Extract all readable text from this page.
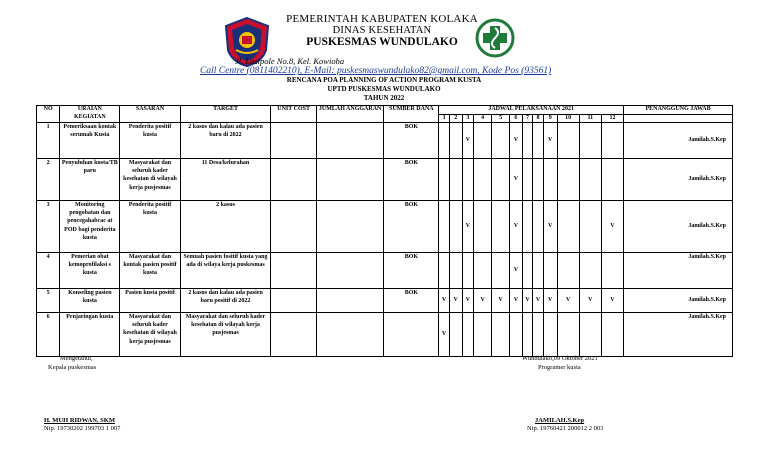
PEMERINTAH KABUPATEN KOLAKA
DINAS KESEHATAN
PUSKESMAS WUNDULAKO
Jl. Lasipole No.8, Kel. Kowioha
Call Centre (0811402210), E-Mail: puskesmaswundulako82@gmail.com, Kode Pos (93561)
RENCANA POA PLANNING OF ACTION PROGRAM KUSTA
UPTD PUSKESMAS WUNDULAKO
TAHUN 2022
NO	URAIAN KEGIATAN	SASARAN	TARGET	UNIT COST	JUMLAH ANGGARAN	SUMBER DANA	JADWAL PELAKSANAAN 2021												PENANGGUNG JAWAB
							1	2	3	4	5	6	7	8	9	10	11	12	
1	Pemeriksaan kontak serumah Kusta	Penderita positif kusta	2 kasus dan kalau ada pasien baru di 2022			BOK			V			V			V				Jamilah.S.Kep
2	Penyuluhan kusta/TB paru	Masyarakat dan seluruh kader kesehatan di wilayah kerja pusjesmas	11 Desa/kelurahan			BOK						V							Jamilah.S.Kep
3	Monitoring pengobatan dan pencegahabcac at POD bagi penderita kusta	Penderita positif kusta	2 kasus			BOK			V			V			V			V	Jamilah.S.Kep
4	Pemerian obat kemoprofilaksi s kusta	Masyarakat dan kontak pasien positif kusta	Semuah pasien fositif kusta yang ada di wilaya kerja puskesmas			BOK						V							Jamilah.S.Kep
5	Konseling pasien kusta	Pasien kusta positif	2 kasus dan kalau ada pasien baru positif di 2022			BOK	V	V	V	V	V	V	V	V	V	V	V	V	Jamilah.S.Kep
6	Penjaringan kusta	Masyarakat dan seluruh kader kesehatan di wilayah kerja pusjesmas	Masyarakat dan seluruh kader kesehatan di wilayah kerja pusjesmas				V												Jamilah.S.Kep
Mengetahui,
Kepala puskesmas
Wundulako,09 Oktober 2021
Programer kusta
H. MUH RIDWAN, SKM
Nip. 19730202 199703 1 007
JAMILAH.S.Kep
Nip. 19760421 200012 2 003
